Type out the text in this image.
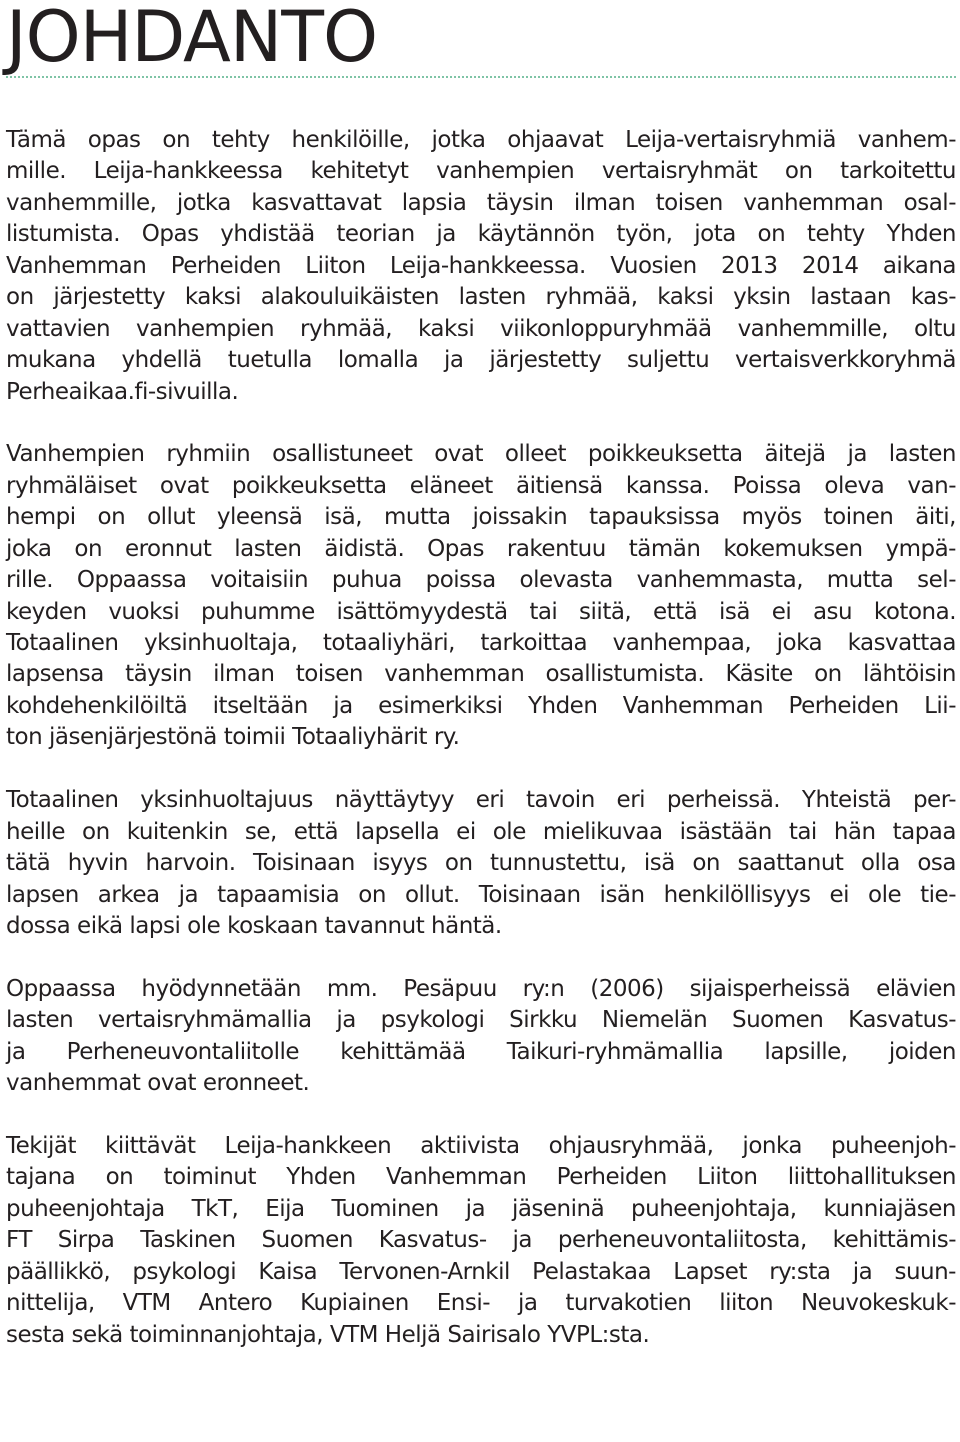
JOHDANTO

Tämä opas on tehty henkilöille, jotka ohjaavat Leija-vertaisryhmiä vanhem-
mille. Leija-hankkeessa kehitetyt vanhempien vertaisryhmät on tarkoitettu
vanhemmille, jotka kasvattavat lapsia täysin ilman toisen vanhemman osal-
listumista. Opas yhdistää teorian ja käytännön työn, jota on tehty Yhden
Vanhemman Perheiden Liiton Leija-hankkeessa. Vuosien 2013 2014 aikana
on järjestetty kaksi alakouluikäisten lasten ryhmää, kaksi yksin lastaan kas-
vattavien vanhempien ryhmää, kaksi viikonloppuryhmää vanhemmille, oltu
mukana yhdellä tuetulla lomalla ja järjestetty suljettu vertaisverkkoryhmä
Perheaikaa.fi-sivuilla.

Vanhempien ryhmiin osallistuneet ovat olleet poikkeuksetta äitejä ja lasten
ryhmäläiset ovat poikkeuksetta eläneet äitiensä kanssa. Poissa oleva van-
hempi on ollut yleensä isä, mutta joissakin tapauksissa myös toinen äiti,
joka on eronnut lasten äidistä. Opas rakentuu tämän kokemuksen ympä-
rille. Oppaassa voitaisiin puhua poissa olevasta vanhemmasta, mutta sel-
keyden vuoksi puhumme isättömyydestä tai siitä, että isä ei asu kotona.
Totaalinen yksinhuoltaja, totaaliyhäri, tarkoittaa vanhempaa, joka kasvattaa
lapsensa täysin ilman toisen vanhemman osallistumista. Käsite on lähtöisin
kohdehenkilöiltä itseltään ja esimerkiksi Yhden Vanhemman Perheiden Lii-
ton jäsenjärjestönä toimii Totaaliyhärit ry.

Totaalinen yksinhuoltajuus näyttäytyy eri tavoin eri perheissä. Yhteistä per-
heille on kuitenkin se, että lapsella ei ole mielikuvaa isästään tai hän tapaa
tätä hyvin harvoin. Toisinaan isyys on tunnustettu, isä on saattanut olla osa
lapsen arkea ja tapaamisia on ollut. Toisinaan isän henkilöllisyys ei ole tie-
dossa eikä lapsi ole koskaan tavannut häntä.

Oppaassa hyödynnetään mm. Pesäpuu ry:n (2006) sijaisperheissä elävien
lasten vertaisryhmämallia ja psykologi Sirkku Niemelän Suomen Kasvatus-
ja Perheneuvontaliitolle kehittämää Taikuri-ryhmämallia lapsille, joiden
vanhemmat ovat eronneet.

Tekijät kiittävät Leija-hankkeen aktiivista ohjausryhmää, jonka puheenjoh-
tajana on toiminut Yhden Vanhemman Perheiden Liiton liittohallituksen
puheenjohtaja TkT, Eija Tuominen ja jäseninä puheenjohtaja, kunniajäsen
FT Sirpa Taskinen Suomen Kasvatus- ja perheneuvontaliitosta, kehittämis-
päällikkö, psykologi Kaisa Tervonen-Arnkil Pelastakaa Lapset ry:sta ja suun-
nittelija, VTM Antero Kupiainen Ensi- ja turvakotien liiton Neuvokeskuk-
sesta sekä toiminnanjohtaja, VTM Heljä Sairisalo YVPL:sta.
